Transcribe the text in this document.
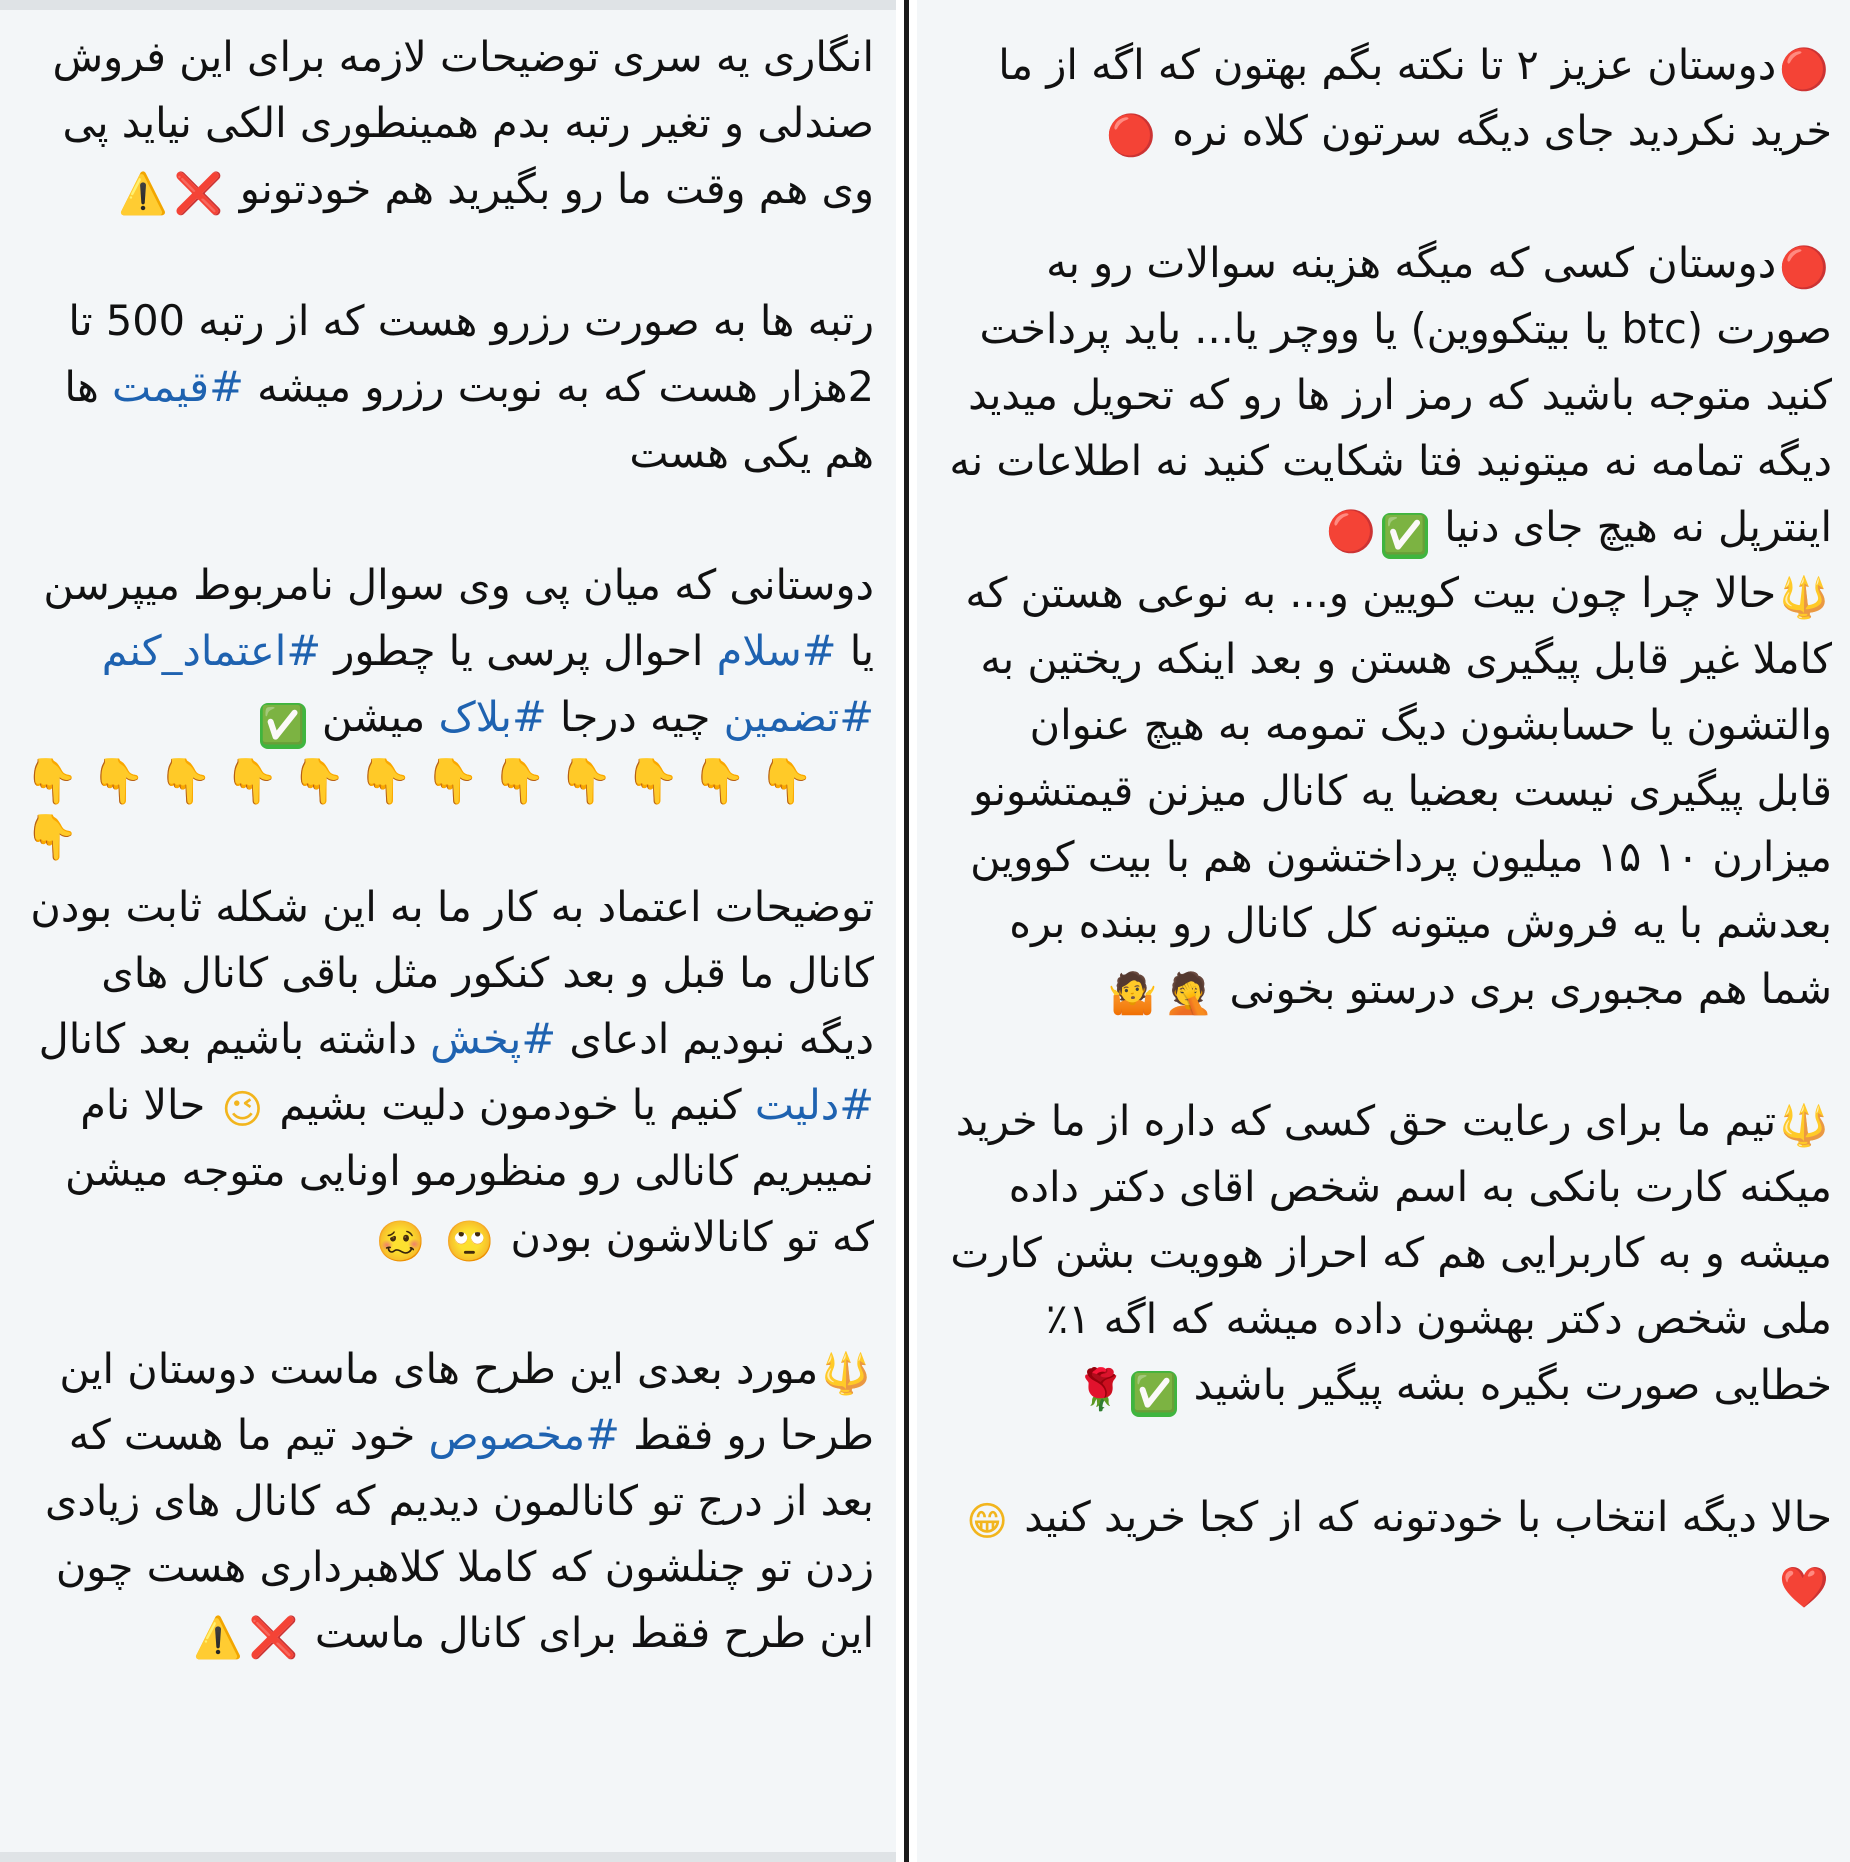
انگاری یه سری توضیحات لازمه برای این فروش صندلی و تغیر رتبه بدم همینطوری الکی نیاید پی وی هم وقت ما رو بگیرید هم خودتونو ❌⚠️
رتبه ها به صورت رزرو هست که از رتبه 500 تا 2هزار هست که به نوبت رزرو میشه #قیمت ها هم یکی هست
دوستانی که میان پی وی سوال نامربوط میپرسن یا #سلام احوال پرسی یا چطور #اعتماد_کنم #تضمین چیه درجا #بلاک میشن ✅
👇👇👇👇👇👇👇👇👇👇👇👇👇
توضیحات اعتماد به کار ما به این شکله ثابت بودن کانال ما قبل و بعد کنکور مثل باقی کانال های دیگه نبودیم ادعای #پخش داشته باشیم بعد کانال #دلیت کنیم یا خودمون دلیت بشیم 😉 حالا نام نمیبریم کانالی رو منظورمو اونایی متوجه میشن که تو کانالاشون بودن 🙄 🥴
🔱مورد بعدی این طرح های ماست دوستان این طرحا رو فقط #مخصوص خود تیم ما هست که بعد از درج تو کانالمون دیدیم که کانال های زیادی زدن تو چنلشون که کاملا کلاهبرداری هست چون این طرح فقط برای کانال ماست ❌⚠️
🔴دوستان عزیز ۲ تا نکته بگم بهتون که اگه از ما خرید نکردید جای دیگه سرتون کلاه نره 🔴
🔴دوستان کسی که میگه هزینه سوالات رو به صورت (btc یا بیتکووین) یا ووچر یا... باید پرداخت کنید متوجه باشید که رمز ارز ها رو که تحویل میدید دیگه تمامه نه میتونید فتا شکایت کنید نه اطلاعات نه اینترپل نه هیچ جای دنیا ✅🔴
🔱حالا چرا چون بیت کویین و... به نوعی هستن که کاملا غیر قابل پیگیری هستن و بعد اینکه ریختین به والتشون یا حسابشون دیگ تمومه به هیچ عنوان قابل پیگیری نیست بعضیا یه کانال میزنن قیمتشونو میزارن ۱۰ ۱۵ میلیون پرداختشون هم با بیت کووین بعدشم با یه فروش میتونه کل کانال رو ببنده بره شما هم مجبوری بری درستو بخونی 🤦🤷
🔱تیم ما برای رعایت حق کسی که داره از ما خرید میکنه کارت بانکی به اسم شخص اقای دکتر داده میشه و به کاربرایی هم که احراز هوویت بشن کارت ملی شخص دکتر بهشون داده میشه که اگه ۱٪ خطایی صورت بگیره بشه پیگیر باشید ✅🌹
حالا دیگه انتخاب با خودتونه که از کجا خرید کنید 😁❤️
